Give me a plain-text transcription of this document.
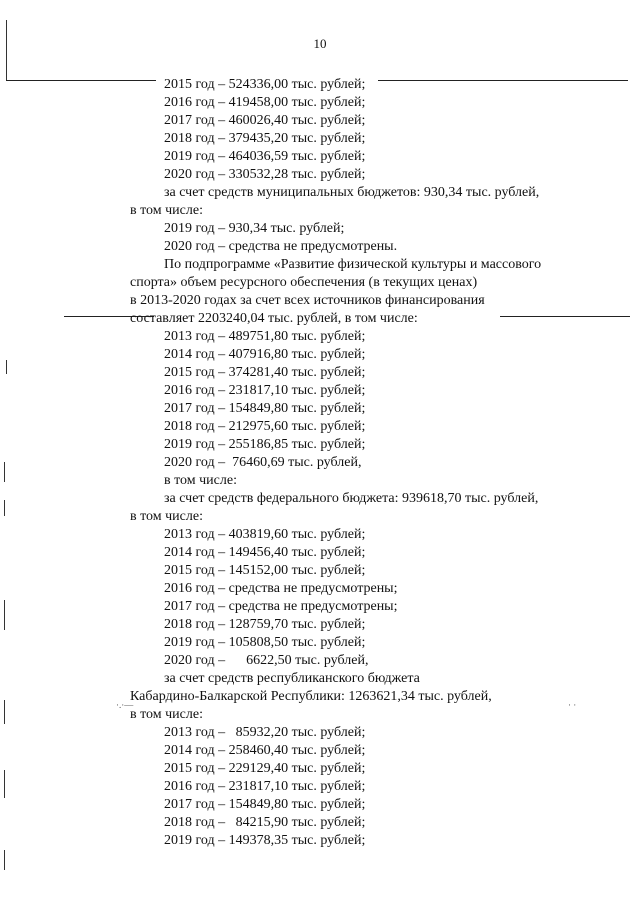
10
·.·—	· ·
2015 год – 524336,00 тыс. рублей;
2016 год – 419458,00 тыс. рублей;
2017 год – 460026,40 тыс. рублей;
2018 год – 379435,20 тыс. рублей;
2019 год – 464036,59 тыс. рублей;
2020 год – 330532,28 тыс. рублей;
за счет средств муниципальных бюджетов: 930,34 тыс. рублей,
в том числе:
2019 год – 930,34 тыс. рублей;
2020 год – средства не предусмотрены.
По подпрограмме «Развитие физической культуры и массового
спорта» объем ресурсного обеспечения (в текущих ценах)
в 2013-2020 годах за счет всех источников финансирования
составляет 2203240,04 тыс. рублей, в том числе:
2013 год – 489751,80 тыс. рублей;
2014 год – 407916,80 тыс. рублей;
2015 год – 374281,40 тыс. рублей;
2016 год – 231817,10 тыс. рублей;
2017 год – 154849,80 тыс. рублей;
2018 год – 212975,60 тыс. рублей;
2019 год – 255186,85 тыс. рублей;
2020 год –  76460,69 тыс. рублей,
в том числе:
за счет средств федерального бюджета: 939618,70 тыс. рублей,
в том числе:
2013 год – 403819,60 тыс. рублей;
2014 год – 149456,40 тыс. рублей;
2015 год – 145152,00 тыс. рублей;
2016 год – средства не предусмотрены;
2017 год – средства не предусмотрены;
2018 год – 128759,70 тыс. рублей;
2019 год – 105808,50 тыс. рублей;
2020 год –      6622,50 тыс. рублей,
за счет средств республиканского бюджета
Кабардино-Балкарской Республики: 1263621,34 тыс. рублей,
в том числе:
2013 год –   85932,20 тыс. рублей;
2014 год – 258460,40 тыс. рублей;
2015 год – 229129,40 тыс. рублей;
2016 год – 231817,10 тыс. рублей;
2017 год – 154849,80 тыс. рублей;
2018 год –   84215,90 тыс. рублей;
2019 год – 149378,35 тыс. рублей;
